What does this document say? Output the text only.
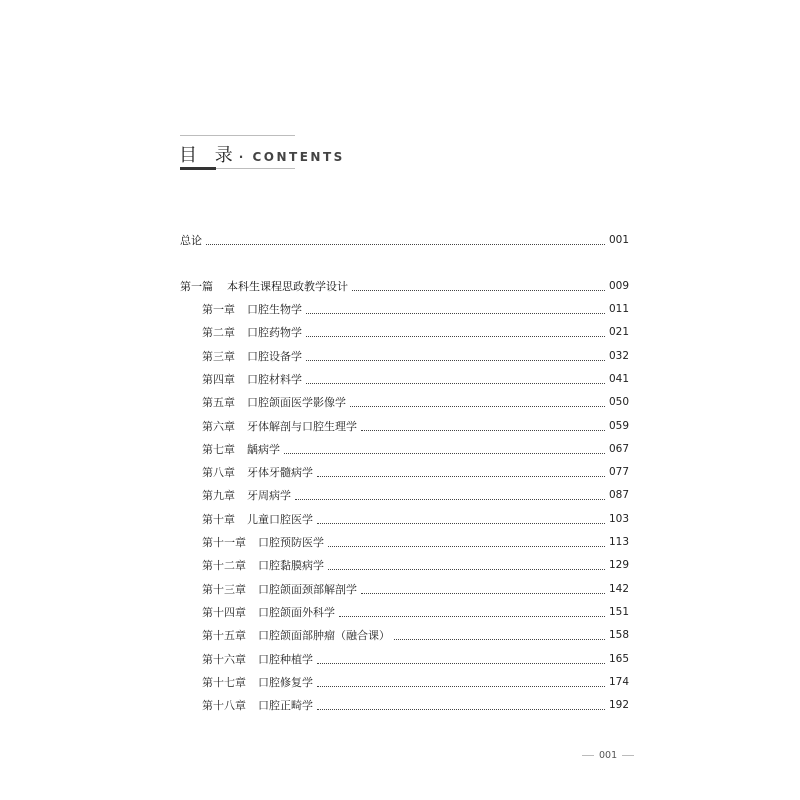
目 录 · CONTENTS
总论	001
第一篇 本科生课程思政教学设计	009
第一章 口腔生物学	011
第二章 口腔药物学	021
第三章 口腔设备学	032
第四章 口腔材料学	041
第五章 口腔颌面医学影像学	050
第六章 牙体解剖与口腔生理学	059
第七章 龋病学	067
第八章 牙体牙髓病学	077
第九章 牙周病学	087
第十章 儿童口腔医学	103
第十一章 口腔预防医学	113
第十二章 口腔黏膜病学	129
第十三章 口腔颌面颈部解剖学	142
第十四章 口腔颌面外科学	151
第十五章 口腔颌面部肿瘤（融合课）	158
第十六章 口腔种植学	165
第十七章 口腔修复学	174
第十八章 口腔正畸学	192
001
